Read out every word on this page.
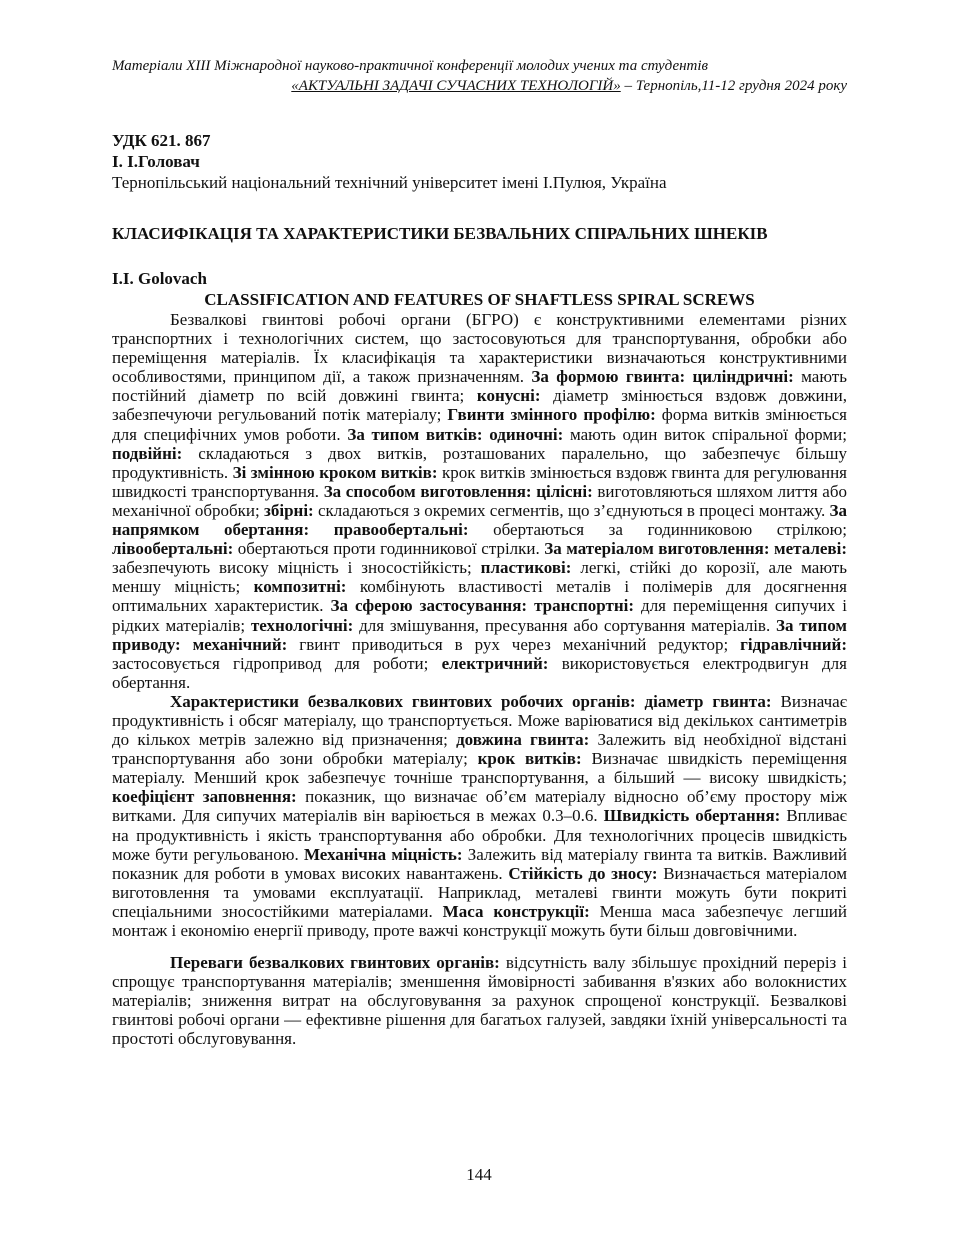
Матеріали XIII Міжнародної науково-практичної конференції молодих учених та студентів
«АКТУАЛЬНІ ЗАДАЧІ СУЧАСНИХ ТЕХНОЛОГІЙ» – Тернопіль,11-12 грудня 2024 року
УДК 621. 867
І. І.Головач
Тернопільський національний технічний університет імені І.Пулюя, Україна
КЛАСИФІКАЦІЯ ТА ХАРАКТЕРИСТИКИ БЕЗВАЛЬНИХ СПІРАЛЬНИХ ШНЕКІВ
I.I. Golovach
CLASSIFICATION AND FEATURES OF SHAFTLESS SPIRAL SCREWS

Безвалкові гвинтові робочі органи (БГРО) є конструктивними елементами різних транспортних і технологічних систем, що застосовуються для транспортування, обробки або переміщення матеріалів. Їх класифікація та характеристики визначаються конструктивними особливостями, принципом дії, а також призначенням. За формою гвинта: циліндричні: мають постійний діаметр по всій довжині гвинта; конусні: діаметр змінюється вздовж довжини, забезпечуючи регульований потік матеріалу; Гвинти змінного профілю: форма витків змінюється для специфічних умов роботи. За типом витків: одиночні: мають один виток спіральної форми; подвійні: складаються з двох витків, розташованих паралельно, що забезпечує більшу продуктивність. Зі змінною кроком витків: крок витків змінюється вздовж гвинта для регулювання швидкості транспортування. За способом виготовлення: цілісні: виготовляються шляхом лиття або механічної обробки; збірні: складаються з окремих сегментів, що з’єднуються в процесі монтажу. За напрямком обертання: правообертальні: обертаються за годинниковою стрілкою; лівообертальні: обертаються проти годинникової стрілки. За матеріалом виготовлення: металеві: забезпечують високу міцність і зносостійкість; пластикові: легкі, стійкі до корозії, але мають меншу міцність; композитні: комбінують властивості металів і полімерів для досягнення оптимальних характеристик. За сферою застосування: транспортні: для переміщення сипучих і рідких матеріалів; технологічні: для змішування, пресування або сортування матеріалів. За типом приводу: механічний: гвинт приводиться в рух через механічний редуктор; гідравлічний: застосовується гідропривод для роботи; електричний: використовується електродвигун для обертання.

Характеристики безвалкових гвинтових робочих органів: діаметр гвинта: Визначає продуктивність і обсяг матеріалу, що транспортується. Може варіюватися від декількох сантиметрів до кількох метрів залежно від призначення; довжина гвинта: Залежить від необхідної відстані транспортування або зони обробки матеріалу; крок витків: Визначає швидкість переміщення матеріалу. Менший крок забезпечує точніше транспортування, а більший — високу швидкість; коефіцієнт заповнення: показник, що визначає об’єм матеріалу відносно об’єму простору між витками. Для сипучих матеріалів він варіюється в межах 0.3–0.6. Швидкість обертання: Впливає на продуктивність і якість транспортування або обробки. Для технологічних процесів швидкість може бути регульованою. Механічна міцність: Залежить від матеріалу гвинта та витків. Важливий показник для роботи в умовах високих навантажень. Стійкість до зносу: Визначається матеріалом виготовлення та умовами експлуатації. Наприклад, металеві гвинти можуть бути покриті спеціальними зносостійкими матеріалами. Маса конструкції: Менша маса забезпечує легший монтаж і економію енергії приводу, проте важчі конструкції можуть бути більш довговічними.

Переваги безвалкових гвинтових органів: відсутність валу збільшує прохідний переріз і спрощує транспортування матеріалів; зменшення ймовірності забивання в'язких або волокнистих матеріалів; зниження витрат на обслуговування за рахунок спрощеної конструкції. Безвалкові гвинтові робочі органи — ефективне рішення для багатьох галузей, завдяки їхній універсальності та простоті обслуговування.

144
